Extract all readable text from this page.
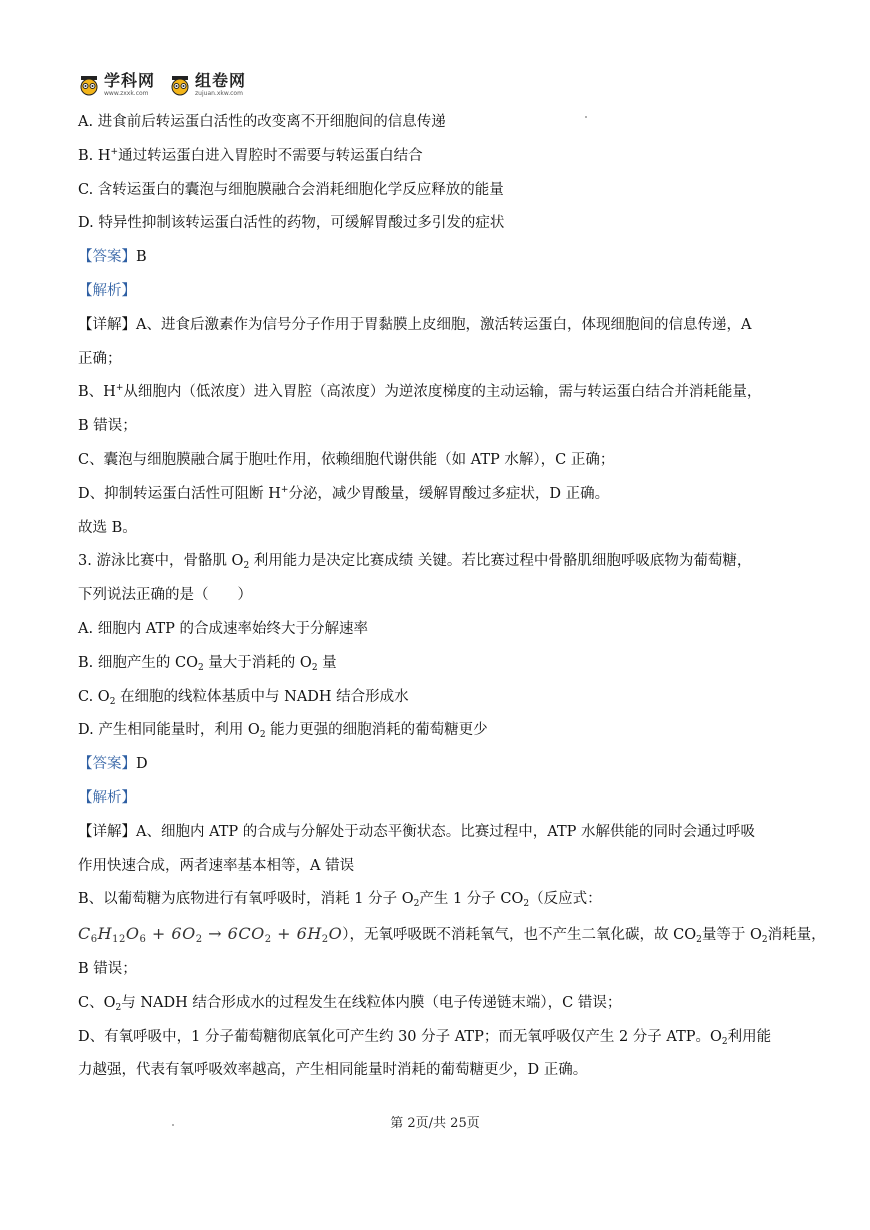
学科网
www.zxxk.com
组卷网
zujuan.xkw.com
A. 进食前后转运蛋白活性的改变离不开细胞间的信息传递
B. H+通过转运蛋白进入胃腔时不需要与转运蛋白结合
C. 含转运蛋白的囊泡与细胞膜融合会消耗细胞化学反应释放的能量
D. 特异性抑制该转运蛋白活性的药物，可缓解胃酸过多引发的症状
【答案】B
【解析】
【详解】A、进食后激素作为信号分子作用于胃黏膜上皮细胞，激活转运蛋白，体现细胞间的信息传递，A
正确；
B、H+从细胞内（低浓度）进入胃腔（高浓度）为逆浓度梯度的主动运输，需与转运蛋白结合并消耗能量，
B 错误；
C、囊泡与细胞膜融合属于胞吐作用，依赖细胞代谢供能（如 ATP 水解），C 正确；
D、抑制转运蛋白活性可阻断 H+分泌，减少胃酸量，缓解胃酸过多症状，D 正确。
故选 B。
3. 游泳比赛中，骨骼肌 $O_2$ 利用能力是决定比赛成绩 关键。若比赛过程中骨骼肌细胞呼吸底物为葡萄糖，
下列说法正确的是（　　）
A. 细胞内 ATP 的合成速率始终大于分解速率
B. 细胞产生的 $CO_2$ 量大于消耗的 $O_2$ 量
C. $O_2$ 在细胞的线粒体基质中与 NADH 结合形成水
D. 产生相同能量时，利用 $O_2$ 能力更强的细胞消耗的葡萄糖更少
【答案】D
【解析】
【详解】A、细胞内 ATP 的合成与分解处于动态平衡状态。比赛过程中，ATP 水解供能的同时会通过呼吸
作用快速合成，两者速率基本相等，A 错误
B、以葡萄糖为底物进行有氧呼吸时，消耗 1 分子 $O_2$产生 1 分子 $CO_2$（反应式：
$C_6H_{12}O_6 + 6O_2 \to 6CO_2 + 6H_2O$），无氧呼吸既不消耗氧气，也不产生二氧化碳，故 $CO_2$量等于 $O_2$消耗量，
B 错误；
C、$O_2$与 NADH 结合形成水的过程发生在线粒体内膜（电子传递链末端），C 错误；
D、有氧呼吸中，1 分子葡萄糖彻底氧化可产生约 30 分子 ATP；而无氧呼吸仅产生 2 分子 ATP。$O_2$利用能
力越强，代表有氧呼吸效率越高，产生相同能量时消耗的葡萄糖更少，D 正确。
第 2页/共 25页
